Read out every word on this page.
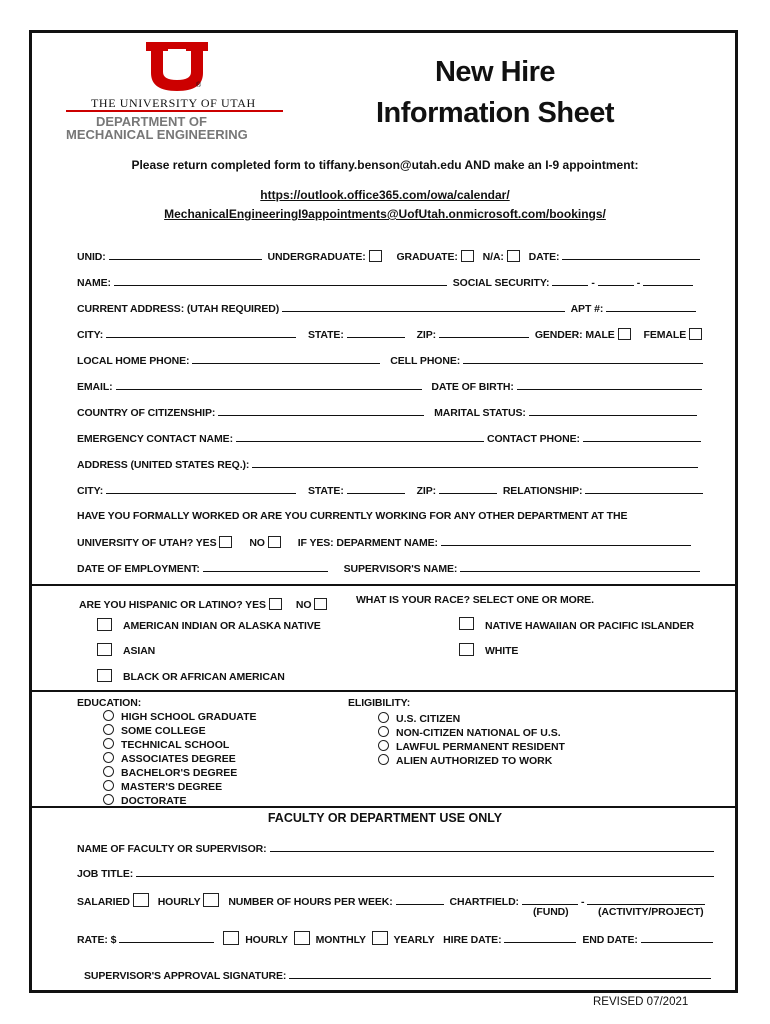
®
THE UNIVERSITY OF UTAH
DEPARTMENT OF
MECHANICAL ENGINEERING
New Hire
Information Sheet
Please return completed form to tiffany.benson@utah.edu AND make an I-9 appointment:
https://outlook.office365.com/owa/calendar/
MechanicalEngineeringI9appointments@UofUtah.onmicrosoft.com/bookings/
UNID:	UNDERGRADUATE:	GRADUATE: N/A: DATE:
NAME:	SOCIAL SECURITY:	-	-
CURRENT ADDRESS: (UTAH REQUIRED)	APT #:
CITY:	STATE:	ZIP:	GENDER: MALE	FEMALE
LOCAL HOME PHONE:	CELL PHONE:
EMAIL:	DATE OF BIRTH:
COUNTRY OF CITIZENSHIP:	MARITAL STATUS:
EMERGENCY CONTACT NAME:	CONTACT PHONE:
ADDRESS (UNITED STATES REQ.):
CITY:	STATE:	ZIP:	RELATIONSHIP:
HAVE YOU FORMALLY WORKED OR ARE YOU CURRENTLY WORKING FOR ANY OTHER DEPARTMENT AT THE
UNIVERSITY OF UTAH? YES	NO	IF YES: DEPARMENT NAME:
DATE OF EMPLOYMENT:	SUPERVISOR'S NAME:
ARE YOU HISPANIC OR LATINO? YES	NO	WHAT IS YOUR RACE? SELECT ONE OR MORE.
AMERICAN INDIAN OR ALASKA NATIVE
ASIAN
BLACK OR AFRICAN AMERICAN
NATIVE HAWAIIAN OR PACIFIC ISLANDER
WHITE
EDUCATION:
HIGH SCHOOL GRADUATE
SOME COLLEGE
TECHNICAL SCHOOL
ASSOCIATES DEGREE
BACHELOR'S DEGREE
MASTER'S DEGREE
DOCTORATE
ELIGIBILITY:
U.S. CITIZEN
NON-CITIZEN NATIONAL OF U.S.
LAWFUL PERMANENT RESIDENT
ALIEN AUTHORIZED TO WORK
FACULTY OR DEPARTMENT USE ONLY
NAME OF FACULTY OR SUPERVISOR:
JOB TITLE:
SALARIED	HOURLY	NUMBER OF HOURS PER WEEK:	CHARTFIELD:	-
(FUND)	(ACTIVITY/PROJECT)
RATE: $	HOURLY	MONTHLY	YEARLY HIRE DATE:	END DATE:
SUPERVISOR'S APPROVAL SIGNATURE:
REVISED 07/2021
